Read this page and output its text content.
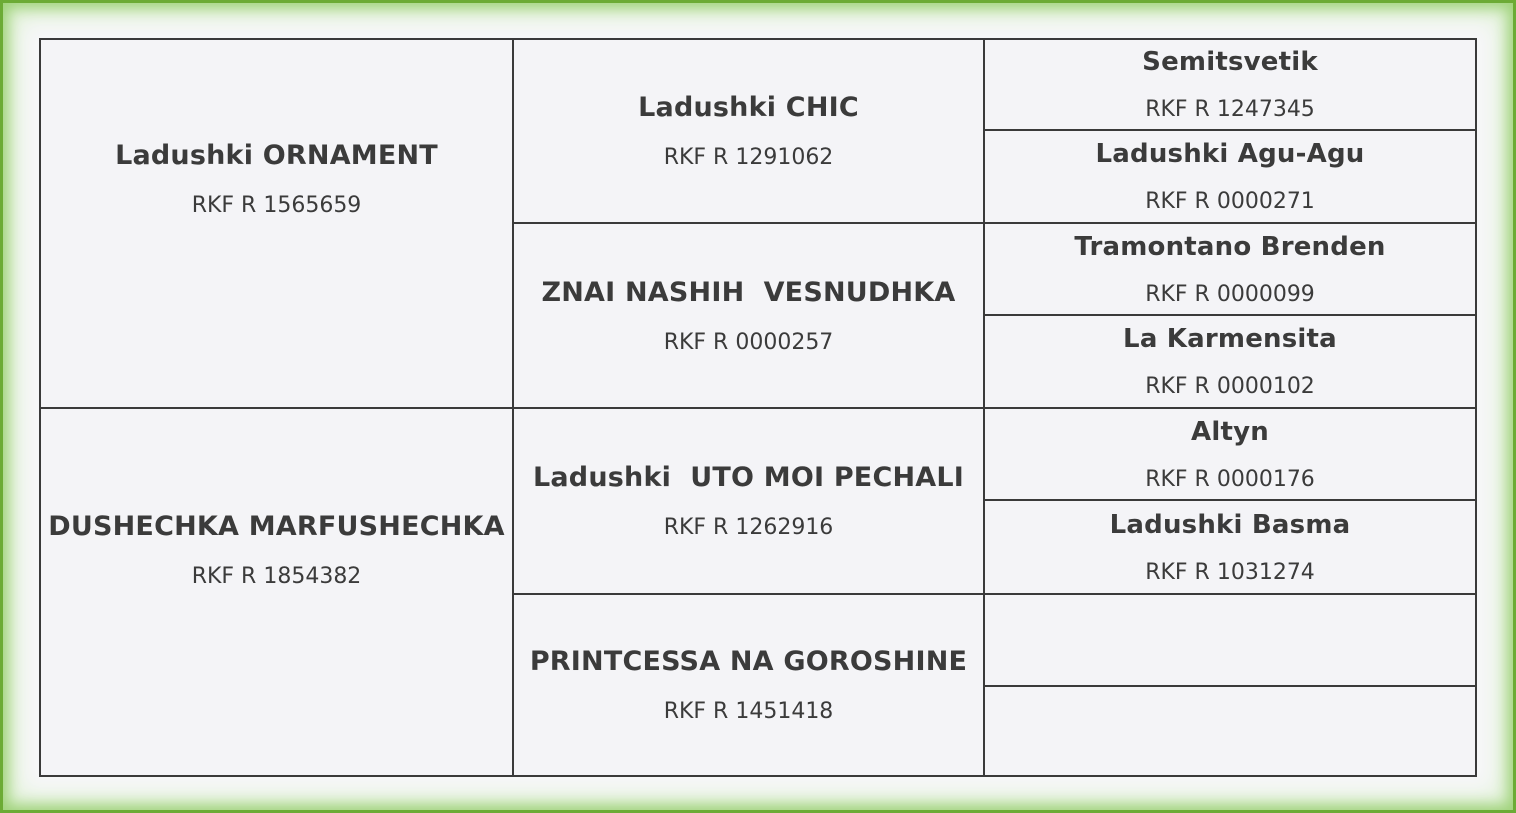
Ladushki ORNAMENT
RKF R 1565659
DUSHECHKA MARFUSHECHKA
RKF R 1854382
Ladushki CHIC
RKF R 1291062
ZNAI NASHIH  VESNUDHKA
RKF R 0000257
Ladushki  UTO MOI PECHALI
RKF R 1262916
PRINTCESSA NA GOROSHINE
RKF R 1451418
Semitsvetik
RKF R 1247345
Ladushki Agu-Agu
RKF R 0000271
Tramontano Brenden
RKF R 0000099
La Karmensita
RKF R 0000102
Altyn
RKF R 0000176
Ladushki Basma
RKF R 1031274
